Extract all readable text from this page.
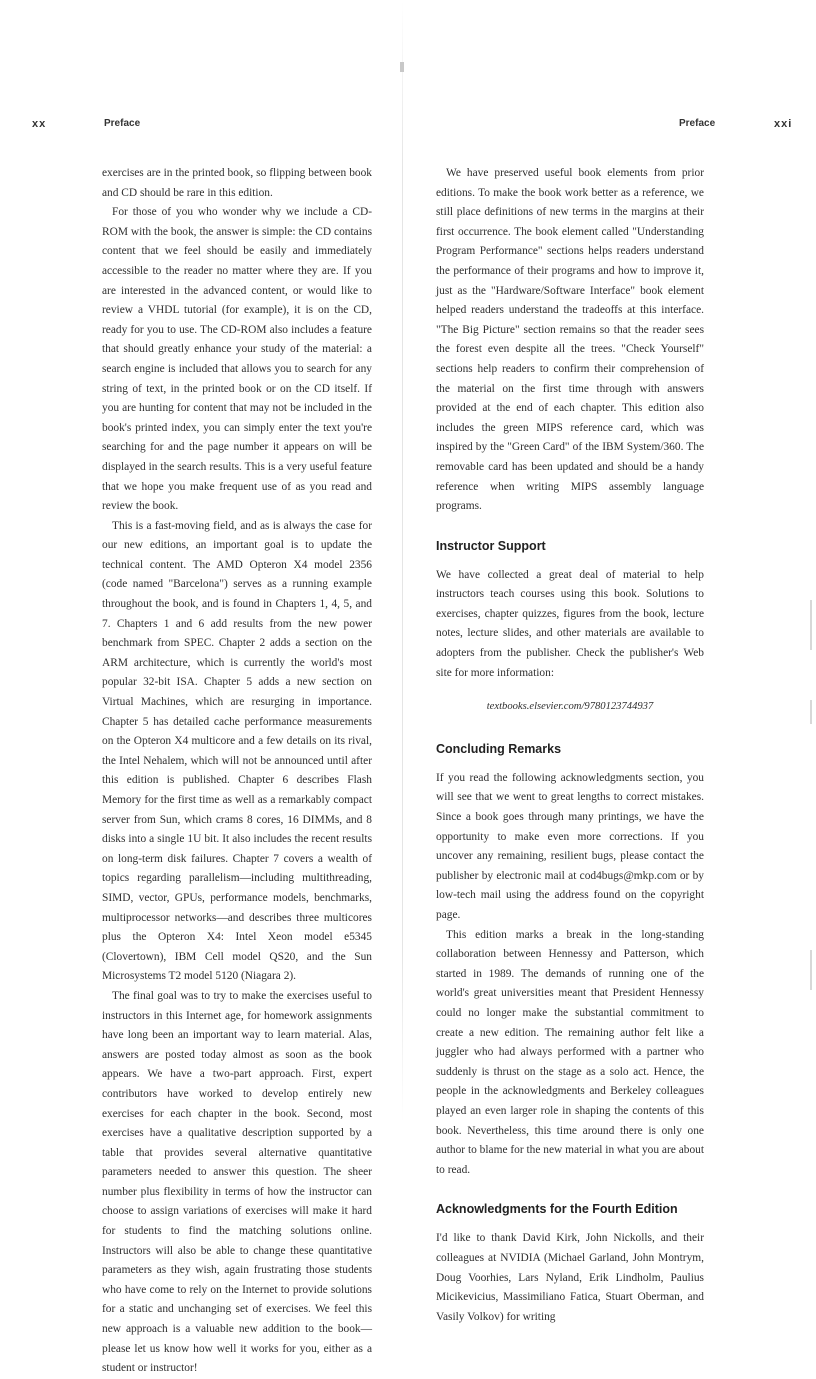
xx	Preface

exercises are in the printed book, so flipping between book and CD should be rare in this edition.

For those of you who wonder why we include a CD-ROM with the book, the answer is simple: the CD contains content that we feel should be easily and immediately accessible to the reader no matter where they are. If you are interested in the advanced content, or would like to review a VHDL tutorial (for example), it is on the CD, ready for you to use. The CD-ROM also includes a feature that should greatly enhance your study of the material: a search engine is included that allows you to search for any string of text, in the printed book or on the CD itself. If you are hunting for content that may not be included in the book's printed index, you can simply enter the text you're searching for and the page number it appears on will be displayed in the search results. This is a very useful feature that we hope you make frequent use of as you read and review the book.

This is a fast-moving field, and as is always the case for our new editions, an important goal is to update the technical content. The AMD Opteron X4 model 2356 (code named "Barcelona") serves as a running example throughout the book, and is found in Chapters 1, 4, 5, and 7. Chapters 1 and 6 add results from the new power benchmark from SPEC. Chapter 2 adds a section on the ARM architecture, which is currently the world's most popular 32-bit ISA. Chapter 5 adds a new section on Virtual Machines, which are resurging in importance. Chapter 5 has detailed cache performance measurements on the Opteron X4 multicore and a few details on its rival, the Intel Nehalem, which will not be announced until after this edition is published. Chapter 6 describes Flash Memory for the first time as well as a remarkably compact server from Sun, which crams 8 cores, 16 DIMMs, and 8 disks into a single 1U bit. It also includes the recent results on long-term disk failures. Chapter 7 covers a wealth of topics regarding parallelism—including multithreading, SIMD, vector, GPUs, performance models, benchmarks, multiprocessor networks—and describes three multicores plus the Opteron X4: Intel Xeon model e5345 (Clovertown), IBM Cell model QS20, and the Sun Microsystems T2 model 5120 (Niagara 2).

The final goal was to try to make the exercises useful to instructors in this Internet age, for homework assignments have long been an important way to learn material. Alas, answers are posted today almost as soon as the book appears. We have a two-part approach. First, expert contributors have worked to develop entirely new exercises for each chapter in the book. Second, most exercises have a qualitative description supported by a table that provides several alternative quantitative parameters needed to answer this question. The sheer number plus flexibility in terms of how the instructor can choose to assign variations of exercises will make it hard for students to find the matching solutions online. Instructors will also be able to change these quantitative parameters as they wish, again frustrating those students who have come to rely on the Internet to provide solutions for a static and unchanging set of exercises. We feel this new approach is a valuable new addition to the book—please let us know how well it works for you, either as a student or instructor!

Preface	xxi

We have preserved useful book elements from prior editions. To make the book work better as a reference, we still place definitions of new terms in the margins at their first occurrence. The book element called "Understanding Program Performance" sections helps readers understand the performance of their programs and how to improve it, just as the "Hardware/Software Interface" book element helped readers understand the tradeoffs at this interface. "The Big Picture" section remains so that the reader sees the forest even despite all the trees. "Check Yourself" sections help readers to confirm their comprehension of the material on the first time through with answers provided at the end of each chapter. This edition also includes the green MIPS reference card, which was inspired by the "Green Card" of the IBM System/360. The removable card has been updated and should be a handy reference when writing MIPS assembly language programs.

Instructor Support

We have collected a great deal of material to help instructors teach courses using this book. Solutions to exercises, chapter quizzes, figures from the book, lecture notes, lecture slides, and other materials are available to adopters from the publisher. Check the publisher's Web site for more information:

textbooks.elsevier.com/9780123744937

Concluding Remarks

If you read the following acknowledgments section, you will see that we went to great lengths to correct mistakes. Since a book goes through many printings, we have the opportunity to make even more corrections. If you uncover any remaining, resilient bugs, please contact the publisher by electronic mail at cod4bugs@mkp.com or by low-tech mail using the address found on the copyright page.

This edition marks a break in the long-standing collaboration between Hennessy and Patterson, which started in 1989. The demands of running one of the world's great universities meant that President Hennessy could no longer make the substantial commitment to create a new edition. The remaining author felt like a juggler who had always performed with a partner who suddenly is thrust on the stage as a solo act. Hence, the people in the acknowledgments and Berkeley colleagues played an even larger role in shaping the contents of this book. Nevertheless, this time around there is only one author to blame for the new material in what you are about to read.

Acknowledgments for the Fourth Edition

I'd like to thank David Kirk, John Nickolls, and their colleagues at NVIDIA (Michael Garland, John Montrym, Doug Voorhies, Lars Nyland, Erik Lindholm, Paulius Micikevicius, Massimiliano Fatica, Stuart Oberman, and Vasily Volkov) for writing
